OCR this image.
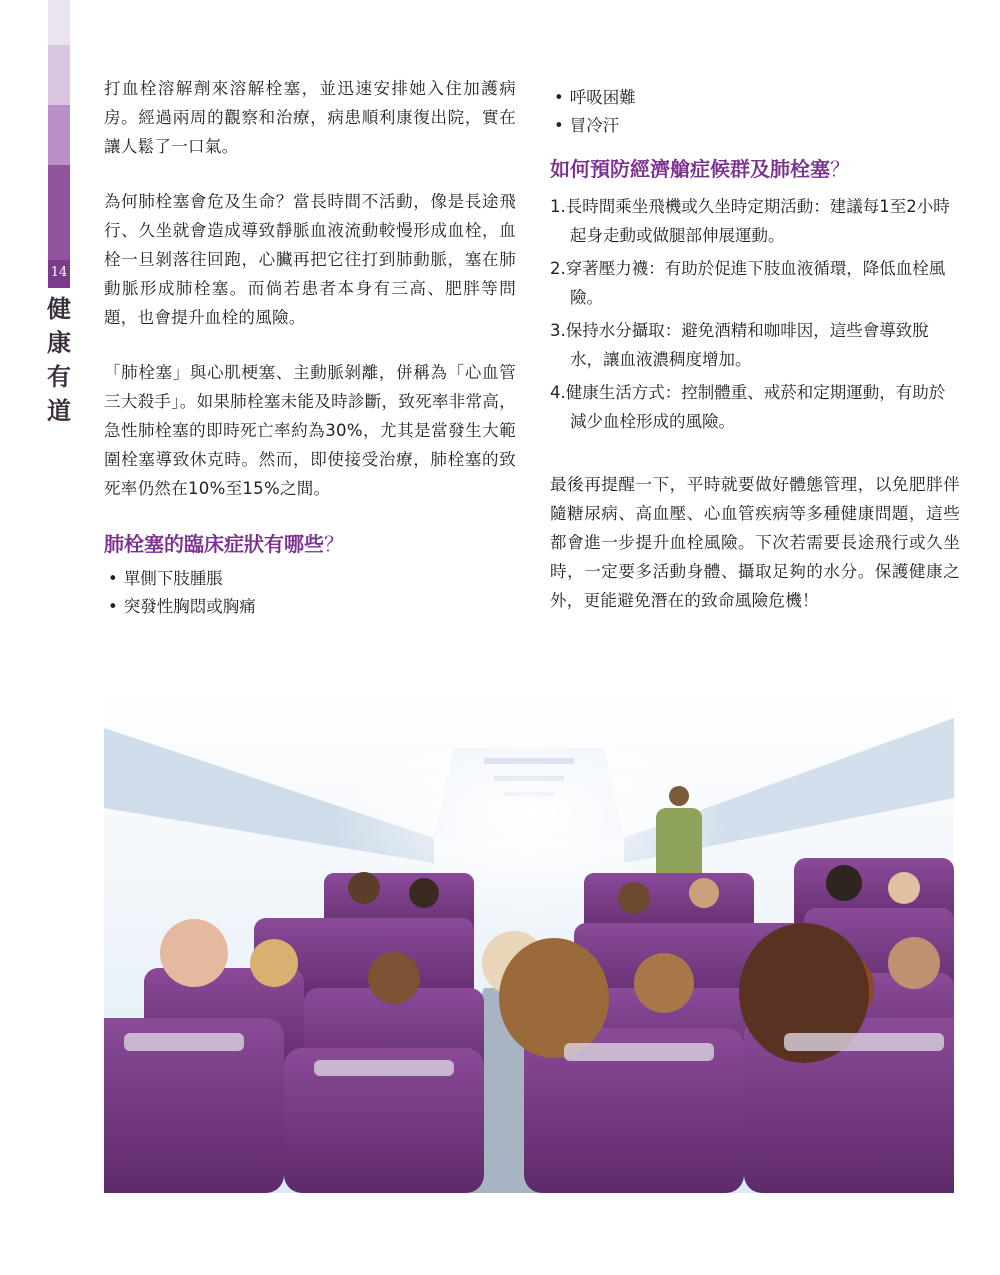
14
健康有道

打血栓溶解劑來溶解栓塞，並迅速安排她入住加護病房。經過兩周的觀察和治療，病患順利康復出院，實在讓人鬆了一口氣。

為何肺栓塞會危及生命？當長時間不活動，像是長途飛行、久坐就會造成導致靜脈血液流動較慢形成血栓，血栓一旦剝落往回跑，心臟再把它往打到肺動脈，塞在肺動脈形成肺栓塞。而倘若患者本身有三高、肥胖等問題，也會提升血栓的風險。

「肺栓塞」與心肌梗塞、主動脈剝離，併稱為「心血管三大殺手」。如果肺栓塞未能及時診斷，致死率非常高，急性肺栓塞的即時死亡率約為30%，尤其是當發生大範圍栓塞導致休克時。然而，即使接受治療，肺栓塞的致死率仍然在10%至15%之間。

肺栓塞的臨床症狀有哪些？
• 單側下肢腫脹
• 突發性胸悶或胸痛
• 呼吸困難
• 冒冷汗
如何預防經濟艙症候群及肺栓塞？
1.長時間乘坐飛機或久坐時定期活動：建議每1至2小時起身走動或做腿部伸展運動。
2.穿著壓力襪：有助於促進下肢血液循環，降低血栓風險。
3.保持水分攝取：避免酒精和咖啡因，這些會導致脫水，讓血液濃稠度增加。
4.健康生活方式：控制體重、戒菸和定期運動，有助於減少血栓形成的風險。

最後再提醒一下，平時就要做好體態管理，以免肥胖伴隨糖尿病、高血壓、心血管疾病等多種健康問題，這些都會進一步提升血栓風險。下次若需要長途飛行或久坐時，一定要多活動身體、攝取足夠的水分。保護健康之外，更能避免潛在的致命風險危機！
